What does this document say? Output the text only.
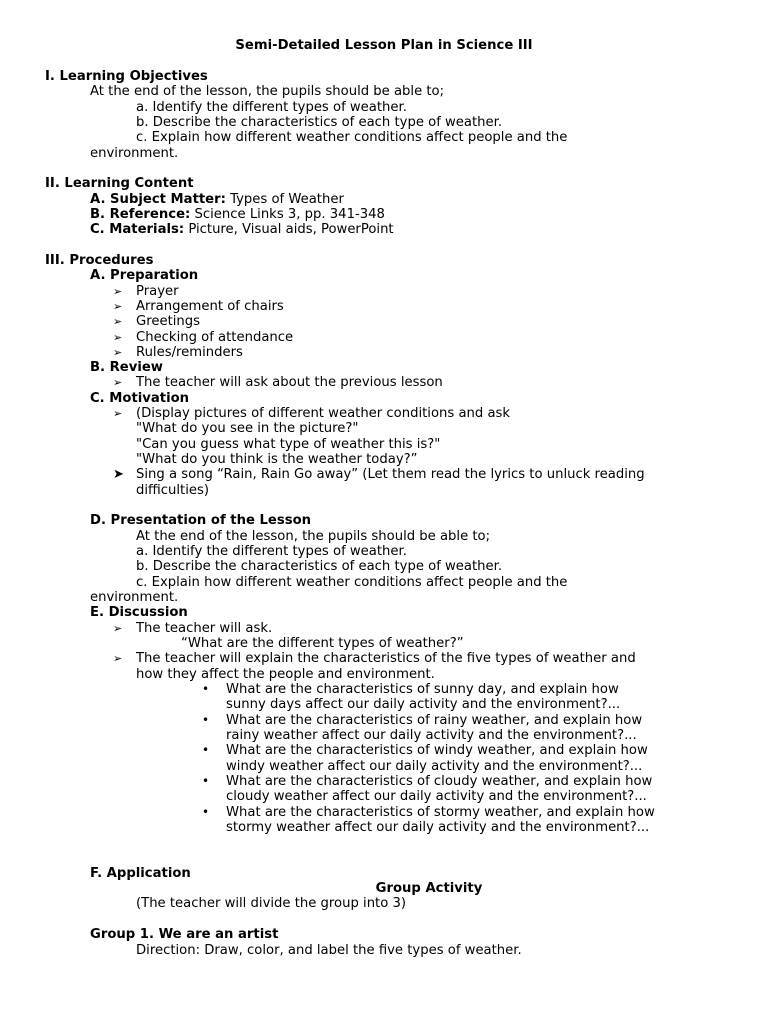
Semi-Detailed Lesson Plan in Science III
I. Learning Objectives
At the end of the lesson, the pupils should be able to;
a. Identify the different types of weather.
b. Describe the characteristics of each type of weather.
c. Explain how different weather conditions affect people and the
environment.
II. Learning Content
A. Subject Matter: Types of Weather
B. Reference: Science Links 3, pp. 341-348
C. Materials: Picture, Visual aids, PowerPoint
III. Procedures
A. Preparation
➢ Prayer
➢ Arrangement of chairs
➢ Greetings
➢ Checking of attendance
➢ Rules/reminders
B. Review
➢ The teacher will ask about the previous lesson
C. Motivation
➢ (Display pictures of different weather conditions and ask
"What do you see in the picture?"
"Can you guess what type of weather this is?"
"What do you think is the weather today?”
➤ Sing a song “Rain, Rain Go away” (Let them read the lyrics to unluck reading
difficulties)
D. Presentation of the Lesson
At the end of the lesson, the pupils should be able to;
a. Identify the different types of weather.
b. Describe the characteristics of each type of weather.
c. Explain how different weather conditions affect people and the
environment.
E. Discussion
➢ The teacher will ask.
“What are the different types of weather?”
➢ The teacher will explain the characteristics of the five types of weather and
how they affect the people and environment.
• What are the characteristics of sunny day, and explain how
sunny days affect our daily activity and the environment?...
• What are the characteristics of rainy weather, and explain how
rainy weather affect our daily activity and the environment?...
• What are the characteristics of windy weather, and explain how
windy weather affect our daily activity and the environment?...
• What are the characteristics of cloudy weather, and explain how
cloudy weather affect our daily activity and the environment?...
• What are the characteristics of stormy weather, and explain how
stormy weather affect our daily activity and the environment?...
F. Application
Group Activity
(The teacher will divide the group into 3)
Group 1. We are an artist
Direction: Draw, color, and label the five types of weather.
